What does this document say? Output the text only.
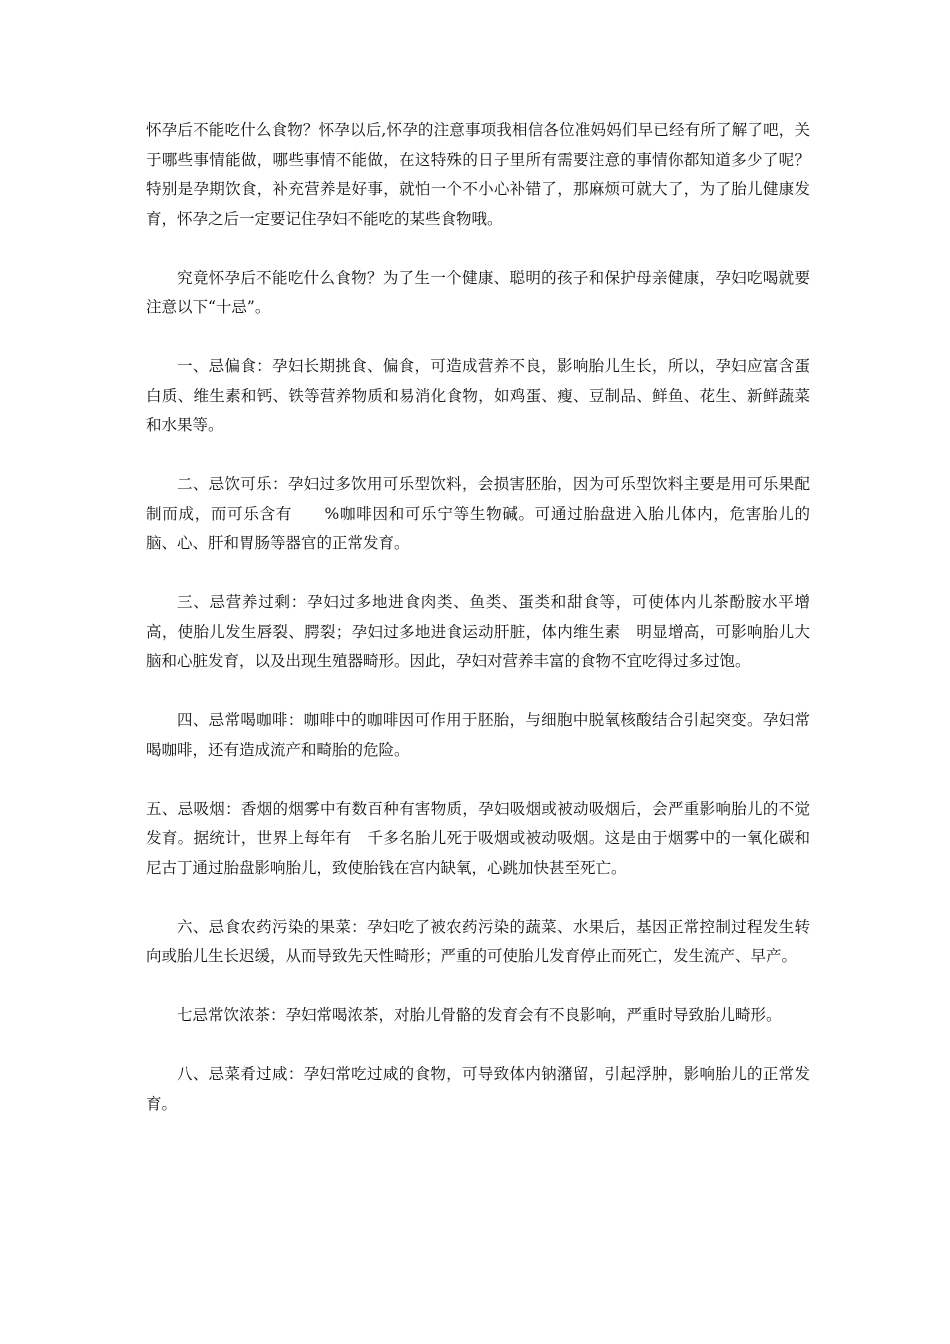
怀孕后不能吃什么食物？怀孕以后,怀孕的注意事项我相信各位准妈妈们早已经有所了解了吧，关于哪些事情能做，哪些事情不能做，在这特殊的日子里所有需要注意的事情你都知道多少了呢？特别是孕期饮食，补充营养是好事，就怕一个不小心补错了，那麻烦可就大了，为了胎儿健康发育，怀孕之后一定要记住孕妇不能吃的某些食物哦。

究竟怀孕后不能吃什么食物？为了生一个健康、聪明的孩子和保护母亲健康，孕妇吃喝就要注意以下“十忌”。

一、忌偏食：孕妇长期挑食、偏食，可造成营养不良，影响胎儿生长，所以，孕妇应富含蛋白质、维生素和钙、铁等营养物质和易消化食物，如鸡蛋、瘦、豆制品、鲜鱼、花生、新鲜蔬菜和水果等。

二、忌饮可乐：孕妇过多饮用可乐型饮料，会损害胚胎，因为可乐型饮料主要是用可乐果配制而成，而可乐含有　　%咖啡因和可乐宁等生物碱。可通过胎盘进入胎儿体内，危害胎儿的脑、心、肝和胃肠等器官的正常发育。

三、忌营养过剩：孕妇过多地进食肉类、鱼类、蛋类和甜食等，可使体内儿茶酚胺水平增高，使胎儿发生唇裂、腭裂；孕妇过多地进食运动肝脏，体内维生素　明显增高，可影响胎儿大脑和心脏发育，以及出现生殖器畸形。因此，孕妇对营养丰富的食物不宜吃得过多过饱。

四、忌常喝咖啡：咖啡中的咖啡因可作用于胚胎，与细胞中脱氧核酸结合引起突变。孕妇常喝咖啡，还有造成流产和畸胎的危险。

五、忌吸烟：香烟的烟雾中有数百种有害物质，孕妇吸烟或被动吸烟后，会严重影响胎儿的不觉发育。据统计，世界上每年有　千多名胎儿死于吸烟或被动吸烟。这是由于烟雾中的一氧化碳和尼古丁通过胎盘影响胎儿，致使胎钱在宫内缺氧，心跳加快甚至死亡。

六、忌食农药污染的果菜：孕妇吃了被农药污染的蔬菜、水果后，基因正常控制过程发生转向或胎儿生长迟缓，从而导致先天性畸形；严重的可使胎儿发育停止而死亡，发生流产、早产。

七忌常饮浓茶：孕妇常喝浓茶，对胎儿骨骼的发育会有不良影响，严重时导致胎儿畸形。

八、忌菜肴过咸：孕妇常吃过咸的食物，可导致体内钠潴留，引起浮肿，影响胎儿的正常发育。
